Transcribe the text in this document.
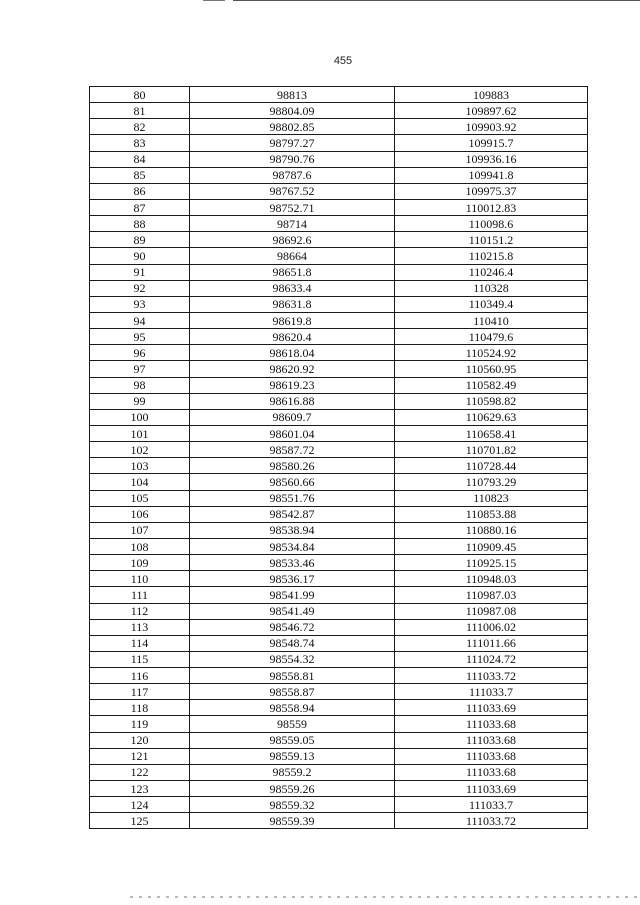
455
80	98813	109883
81	98804.09	109897.62
82	98802.85	109903.92
83	98797.27	109915.7
84	98790.76	109936.16
85	98787.6	109941.8
86	98767.52	109975.37
87	98752.71	110012.83
88	98714	110098.6
89	98692.6	110151.2
90	98664	110215.8
91	98651.8	110246.4
92	98633.4	110328
93	98631.8	110349.4
94	98619.8	110410
95	98620.4	110479.6
96	98618.04	110524.92
97	98620.92	110560.95
98	98619.23	110582.49
99	98616.88	110598.82
100	98609.7	110629.63
101	98601.04	110658.41
102	98587.72	110701.82
103	98580.26	110728.44
104	98560.66	110793.29
105	98551.76	110823
106	98542.87	110853.88
107	98538.94	110880.16
108	98534.84	110909.45
109	98533.46	110925.15
110	98536.17	110948.03
111	98541.99	110987.03
112	98541.49	110987.08
113	98546.72	111006.02
114	98548.74	111011.66
115	98554.32	111024.72
116	98558.81	111033.72
117	98558.87	111033.7
118	98558.94	111033.69
119	98559	111033.68
120	98559.05	111033.68
121	98559.13	111033.68
122	98559.2	111033.68
123	98559.26	111033.69
124	98559.32	111033.7
125	98559.39	111033.72
